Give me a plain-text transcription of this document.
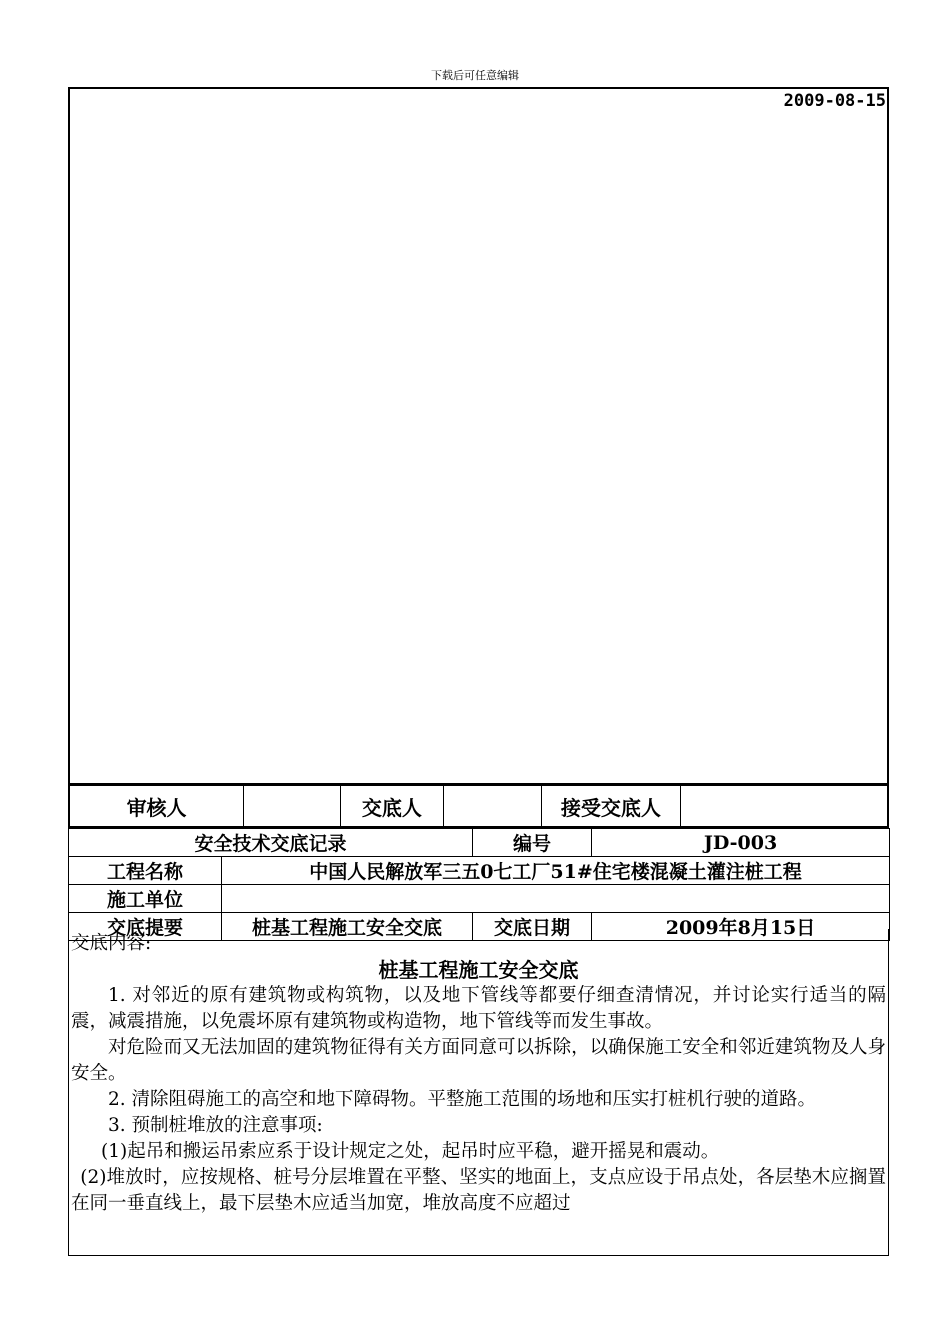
下载后可任意编辑
2009-08-15
审核人	交底人	接受交底人
安全技术交底记录		编号	JD-003
工程名称	中国人民解放军三五0七工厂51#住宅楼混凝土灌注桩工程		
施工单位			
交底提要	桩基工程施工安全交底	交底日期	2009年8月15日

交底内容:

桩基工程施工安全交底

1. 对邻近的原有建筑物或构筑物，以及地下管线等都要仔细查清情况，并讨论实行适当的隔震，减震措施，以免震坏原有建筑物或构造物，地下管线等而发生事故。

对危险而又无法加固的建筑物征得有关方面同意可以拆除，以确保施工安全和邻近建筑物及人身安全。

2. 清除阻碍施工的高空和地下障碍物。平整施工范围的场地和压实打桩机行驶的道路。

3. 预制桩堆放的注意事项:

(1)起吊和搬运吊索应系于设计规定之处，起吊时应平稳，避开摇晃和震动。

(2)堆放时，应按规格、桩号分层堆置在平整、坚实的地面上，支点应设于吊点处，各层垫木应搁置在同一垂直线上，最下层垫木应适当加宽，堆放高度不应超过
